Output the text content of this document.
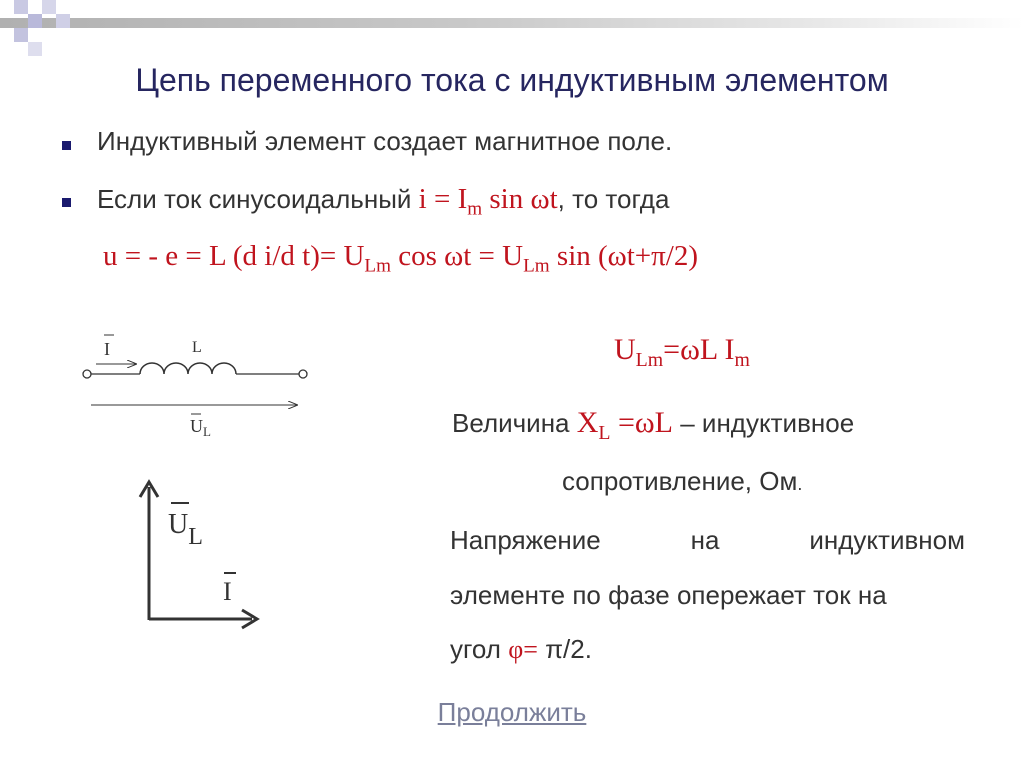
Цепь переменного тока с индуктивным элементом
Индуктивный элемент создает магнитное поле.
Если ток синусоидальный $i = I_m$ sin ωt, то тогда
u = - e = L (d i/d $t)= U_{Lm}$ $\cos \omega t = U_{Lm}$ sin (ωt+π/2)
$U_{Lm}=\omega L$ $I_m$
Величина $X_L =\omega L$ – индуктивное
сопротивление, Ом.
Напряжение	на	индуктивном
элементе по фазе опережает ток на
угол φ= π/2.
I	L
$U_L$
UL
I
Продолжить
